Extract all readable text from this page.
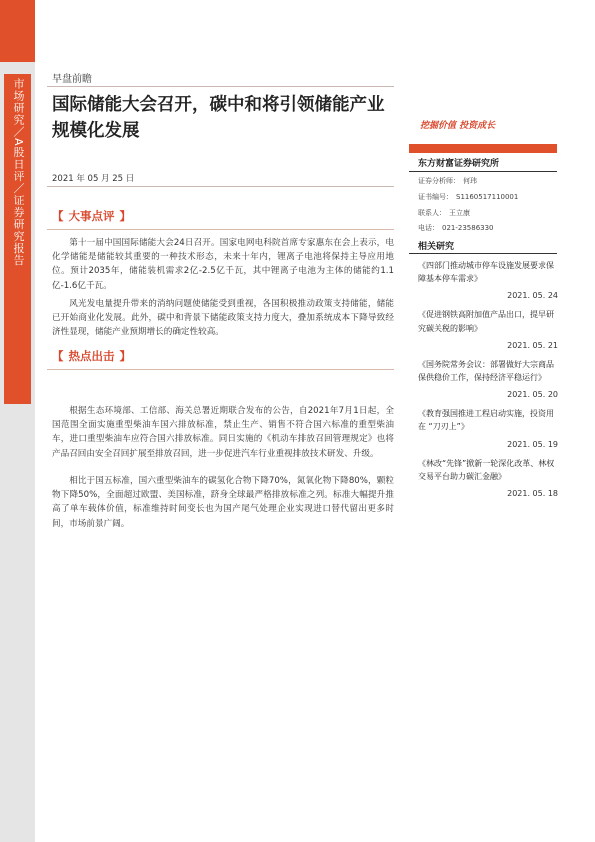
市场研究／A股日评／证券研究报告	早盘前瞻
国际储能大会召开，碳中和将引领储能产业规模化发展	挖掘价值 投资成长
2021 年 05 月 25 日
【 大事点评 】

第十一届中国国际储能大会24日召开。国家电网电科院首席专家惠东在会上表示，电化学储能是储能较其重要的一种技术形态，未来十年内，锂离子电池将保持主导应用地位。预计2035年，储能装机需求2亿-2.5亿千瓦，其中锂离子电池为主体的储能约1.1亿-1.6亿千瓦。

风光发电量提升带来的消纳问题使储能受到重视，各国积极推动政策支持储能，储能已开始商业化发展。此外，碳中和背景下储能政策支持力度大，叠加系统成本下降导致经济性显现，储能产业预期增长的确定性较高。

【 热点出击 】

根据生态环境部、工信部、海关总署近期联合发布的公告，自2021年7月1日起，全国范围全面实施重型柴油车国六排放标准，禁止生产、销售不符合国六标准的重型柴油车，进口重型柴油车应符合国六排放标准。同日实施的《机动车排放召回管理规定》也将产品召回由安全召回扩展至排放召回，进一步促进汽车行业重视排放技术研发、升级。

相比于国五标准，国六重型柴油车的碳氢化合物下降70%，氮氧化物下降80%，颗粒物下降50%，全面超过欧盟、美国标准，跻身全球最严格排放标准之列。标准大幅提升推高了单车载体价值，标准维持时间变长也为国产尾气处理企业实现进口替代留出更多时间，市场前景广阔。

东方财富证券研究所
证券分析师： 何玮
证书编号： S1160517110001
联系人： 王立康
电话： 021-23586330
相关研究
《四部门推动城市停车设施发展要求保障基本停车需求》
2021. 05. 24
《促进钢铁高附加值产品出口，提早研究碳关税的影响》
2021. 05. 21
《国务院常务会议：部署做好大宗商品保供稳价工作，保持经济平稳运行》
2021. 05. 20
《教育强国推进工程启动实施，投资用在 “刀刃上”》
2021. 05. 19
《林改“先锋”掀新一轮深化改革、林权交易平台助力碳汇金融》
2021. 05. 18
